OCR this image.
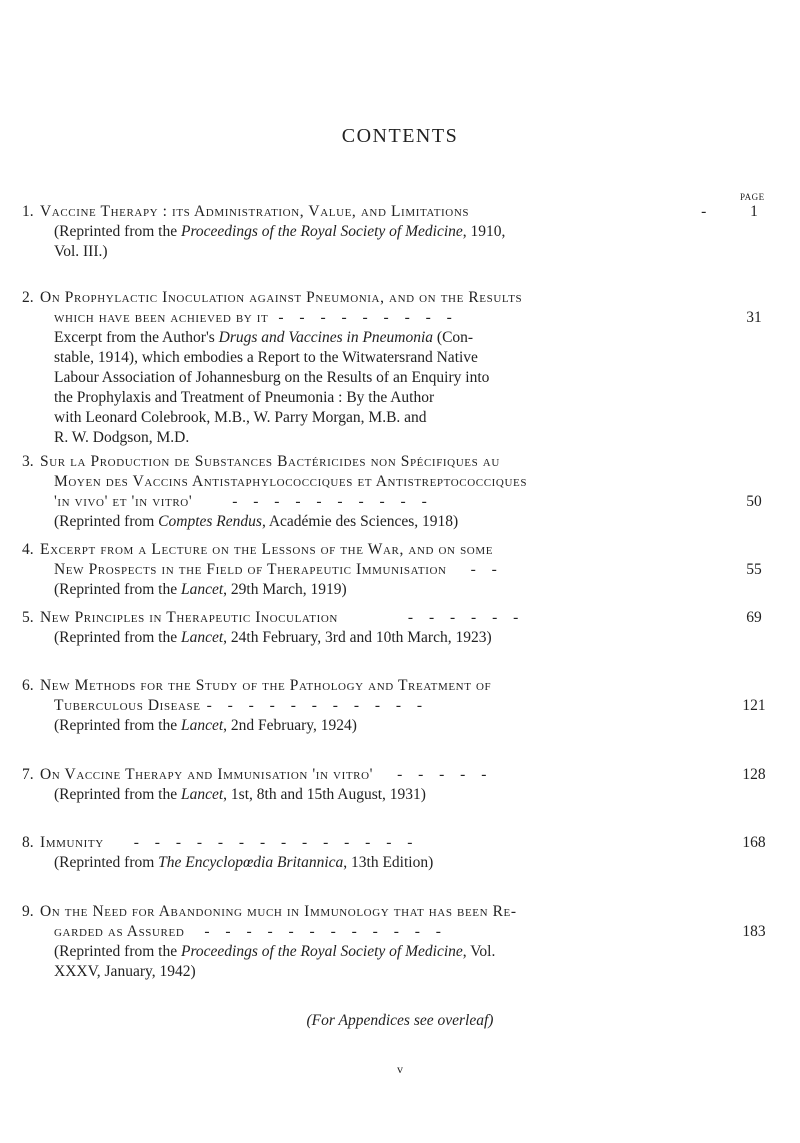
CONTENTS
PAGE
1. Vaccine Therapy : its Administration, Value, and Limitations	-	1
(Reprinted from the Proceedings of the Royal Society of Medicine, 1910,
Vol. III.)
2. On Prophylactic Inoculation against Pneumonia, and on the Results
which have been achieved by it - - - - - - - - -	31
Excerpt from the Author's Drugs and Vaccines in Pneumonia (Con-
stable, 1914), which embodies a Report to the Witwatersrand Native
Labour Association of Johannesburg on the Results of an Enquiry into
the Prophylaxis and Treatment of Pneumonia : By the Author
with Leonard Colebrook, M.B., W. Parry Morgan, M.B. and
R. W. Dodgson, M.D.
3. Sur la Production de Substances Bactéricides non Spécifiques au
Moyen des Vaccins Antistaphylococciques et Antistreptococciques
'in vivo' et 'in vitro'	- - - - - - - - - -	50
(Reprinted from Comptes Rendus, Académie des Sciences, 1918)
4. Excerpt from a Lecture on the Lessons of the War, and on some
New Prospects in the Field of Therapeutic Immunisation - -	55
(Reprinted from the Lancet, 29th March, 1919)
5. New Principles in Therapeutic Inoculation	- - - - - -	69
(Reprinted from the Lancet, 24th February, 3rd and 10th March, 1923)
6. New Methods for the Study of the Pathology and Treatment of
Tuberculous Disease - - - - - - - - - - -	121
(Reprinted from the Lancet, 2nd February, 1924)
7. On Vaccine Therapy and Immunisation 'in vitro' - - - - -	128
(Reprinted from the Lancet, 1st, 8th and 15th August, 1931)
8. Immunity - - - - - - - - - - - - - -	168
(Reprinted from The Encyclopœdia Britannica, 13th Edition)
9. On the Need for Abandoning much in Immunology that has been Re-
garded as Assured - - - - - - - - - - - -	183
(Reprinted from the Proceedings of the Royal Society of Medicine, Vol.
XXXV, January, 1942)
(For Appendices see overleaf)
v
